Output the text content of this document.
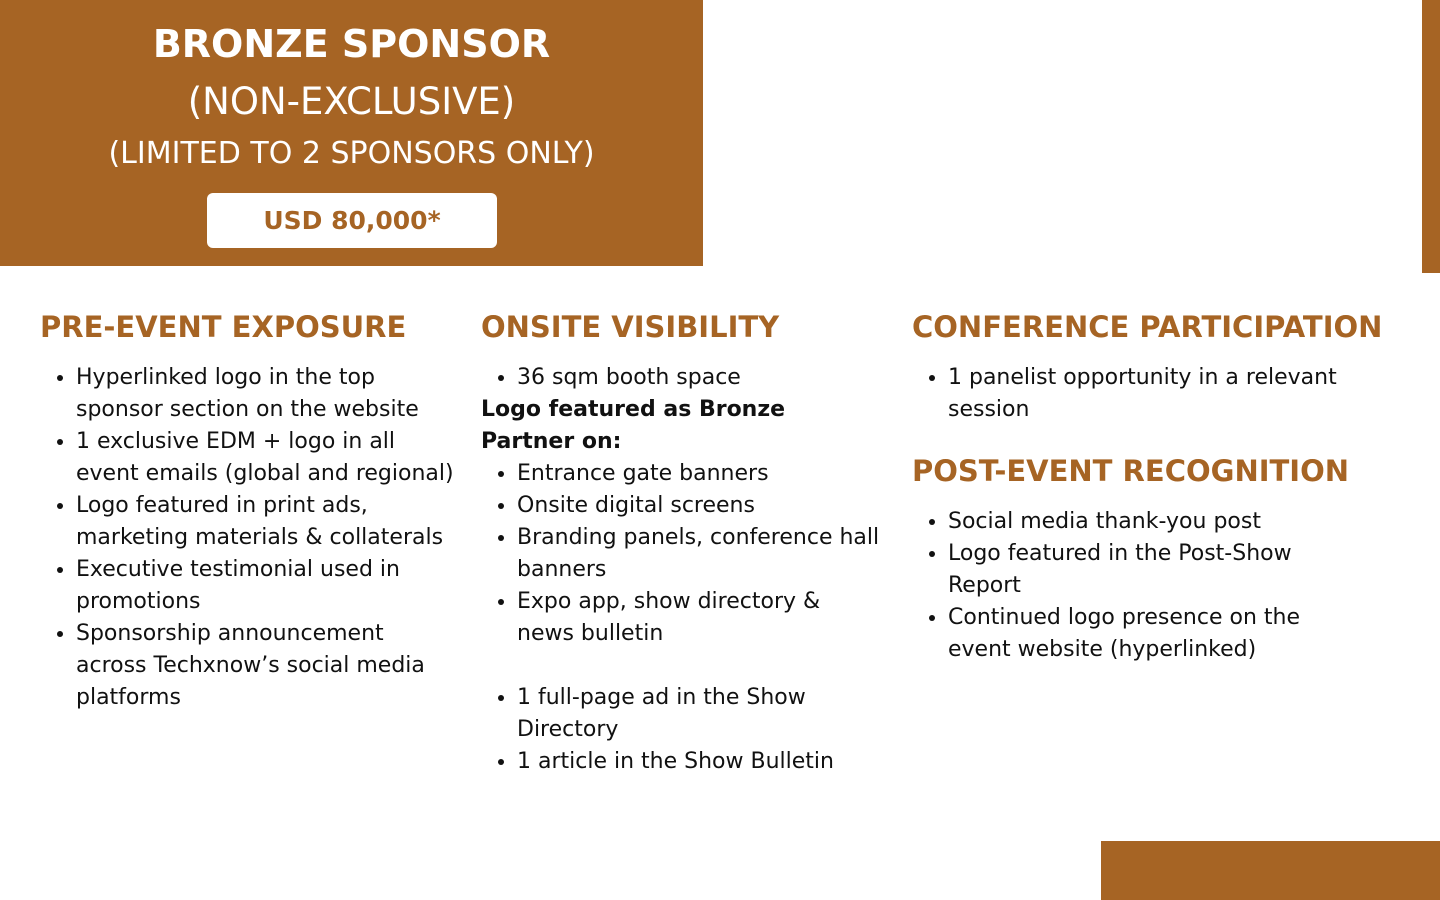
BRONZE SPONSOR
(NON-EXCLUSIVE)
(LIMITED TO 2 SPONSORS ONLY)
USD 80,000*
PRE-EVENT EXPOSURE
• Hyperlinked logo in the top sponsor section on the website
• 1 exclusive EDM + logo in all event emails (global and regional)
• Logo featured in print ads, marketing materials & collaterals
• Executive testimonial used in promotions
• Sponsorship announcement across Techxnow’s social media platforms
ONSITE VISIBILITY
• 36 sqm booth space
Logo featured as Bronze Partner on:
• Entrance gate banners
• Onsite digital screens
• Branding panels, conference hall banners
• Expo app, show directory & news bulletin
• 1 full-page ad in the Show Directory
• 1 article in the Show Bulletin
CONFERENCE PARTICIPATION
• 1 panelist opportunity in a relevant session
POST-EVENT RECOGNITION
• Social media thank-you post
• Logo featured in the Post-Show Report
• Continued logo presence on the event website (hyperlinked)
